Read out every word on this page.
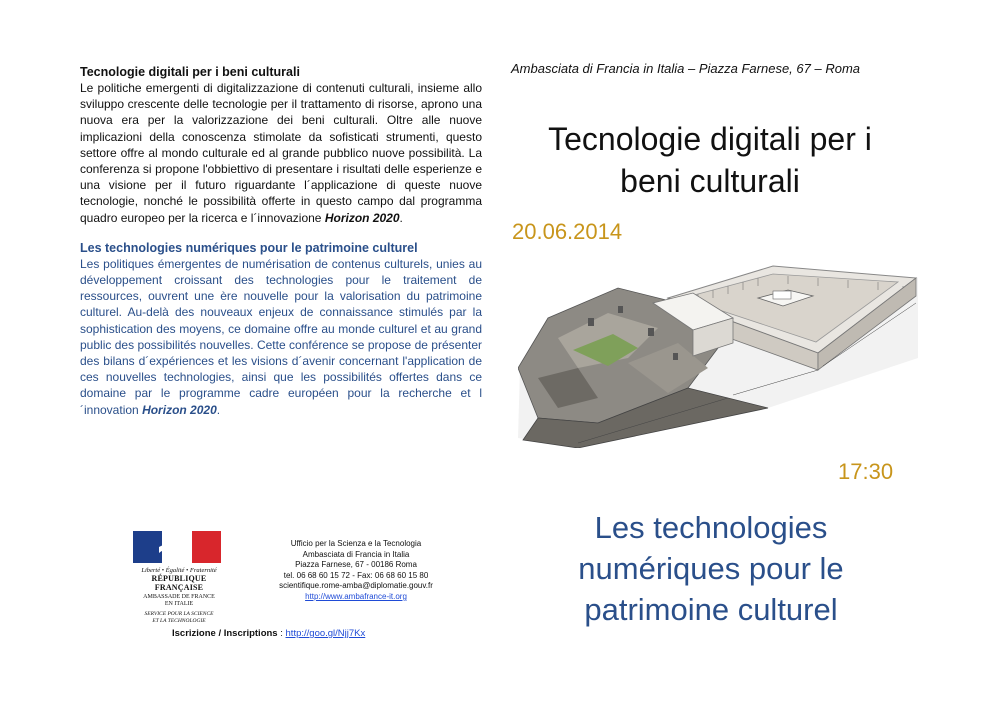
Tecnologie digitali per i beni culturali

Le politiche emergenti di digitalizzazione di contenuti culturali, insieme allo sviluppo crescente delle tecnologie per il trattamento di risorse, aprono una nuova era per la valorizzazione dei beni culturali. Oltre alle nuove implicazioni della conoscenza stimolate da sofisticati strumenti, questo settore offre al mondo culturale ed al grande pubblico nuove possibilità. La conferenza si propone l'obbiettivo di presentare i risultati delle esperienze e una visione per il futuro riguardante l´applicazione di queste nuove tecnologie, nonché le possibilità offerte in questo campo dal programma quadro europeo per la ricerca e l´innovazione Horizon 2020.

Les technologies numériques pour le patrimoine culturel

Les politiques émergentes de numérisation de contenus culturels, unies au développement croissant des technologies pour le traitement de ressources, ouvrent une ère nouvelle pour la valorisation du patrimoine culturel. Au-delà des nouveaux enjeux de connaissance stimulés par la sophistication des moyens, ce domaine offre au monde culturel et au grand public des possibilités nouvelles. Cette conférence se propose de présenter des bilans d´expériences et les visions d´avenir concernant l'application de ces nouvelles technologies, ainsi que les possibilités offertes dans ce domaine par le programme cadre européen pour la recherche et l´innovation Horizon 2020.

Liberté • Égalité • Fraternité
RÉPUBLIQUE FRANÇAISE
AMBASSADE DE FRANCE
EN ITALIE
SERVICE POUR LA SCIENCE
ET LA TECHNOLOGIE
Ufficio per la Scienza e la Tecnologia
Ambasciata di Francia in Italia
Piazza Farnese, 67 - 00186 Roma
tel. 06 68 60 15 72 - Fax: 06 68 60 15 80
scientifique.rome-amba@diplomatie.gouv.fr
http://www.ambafrance-it.org
Iscrizione / Inscriptions : http://goo.gl/Njj7Kx
Ambasciata di Francia in Italia – Piazza Farnese, 67 – Roma
Tecnologie digitali per i
beni culturali
20.06.2014
17:30
Les technologies
numériques pour le
patrimoine culturel
